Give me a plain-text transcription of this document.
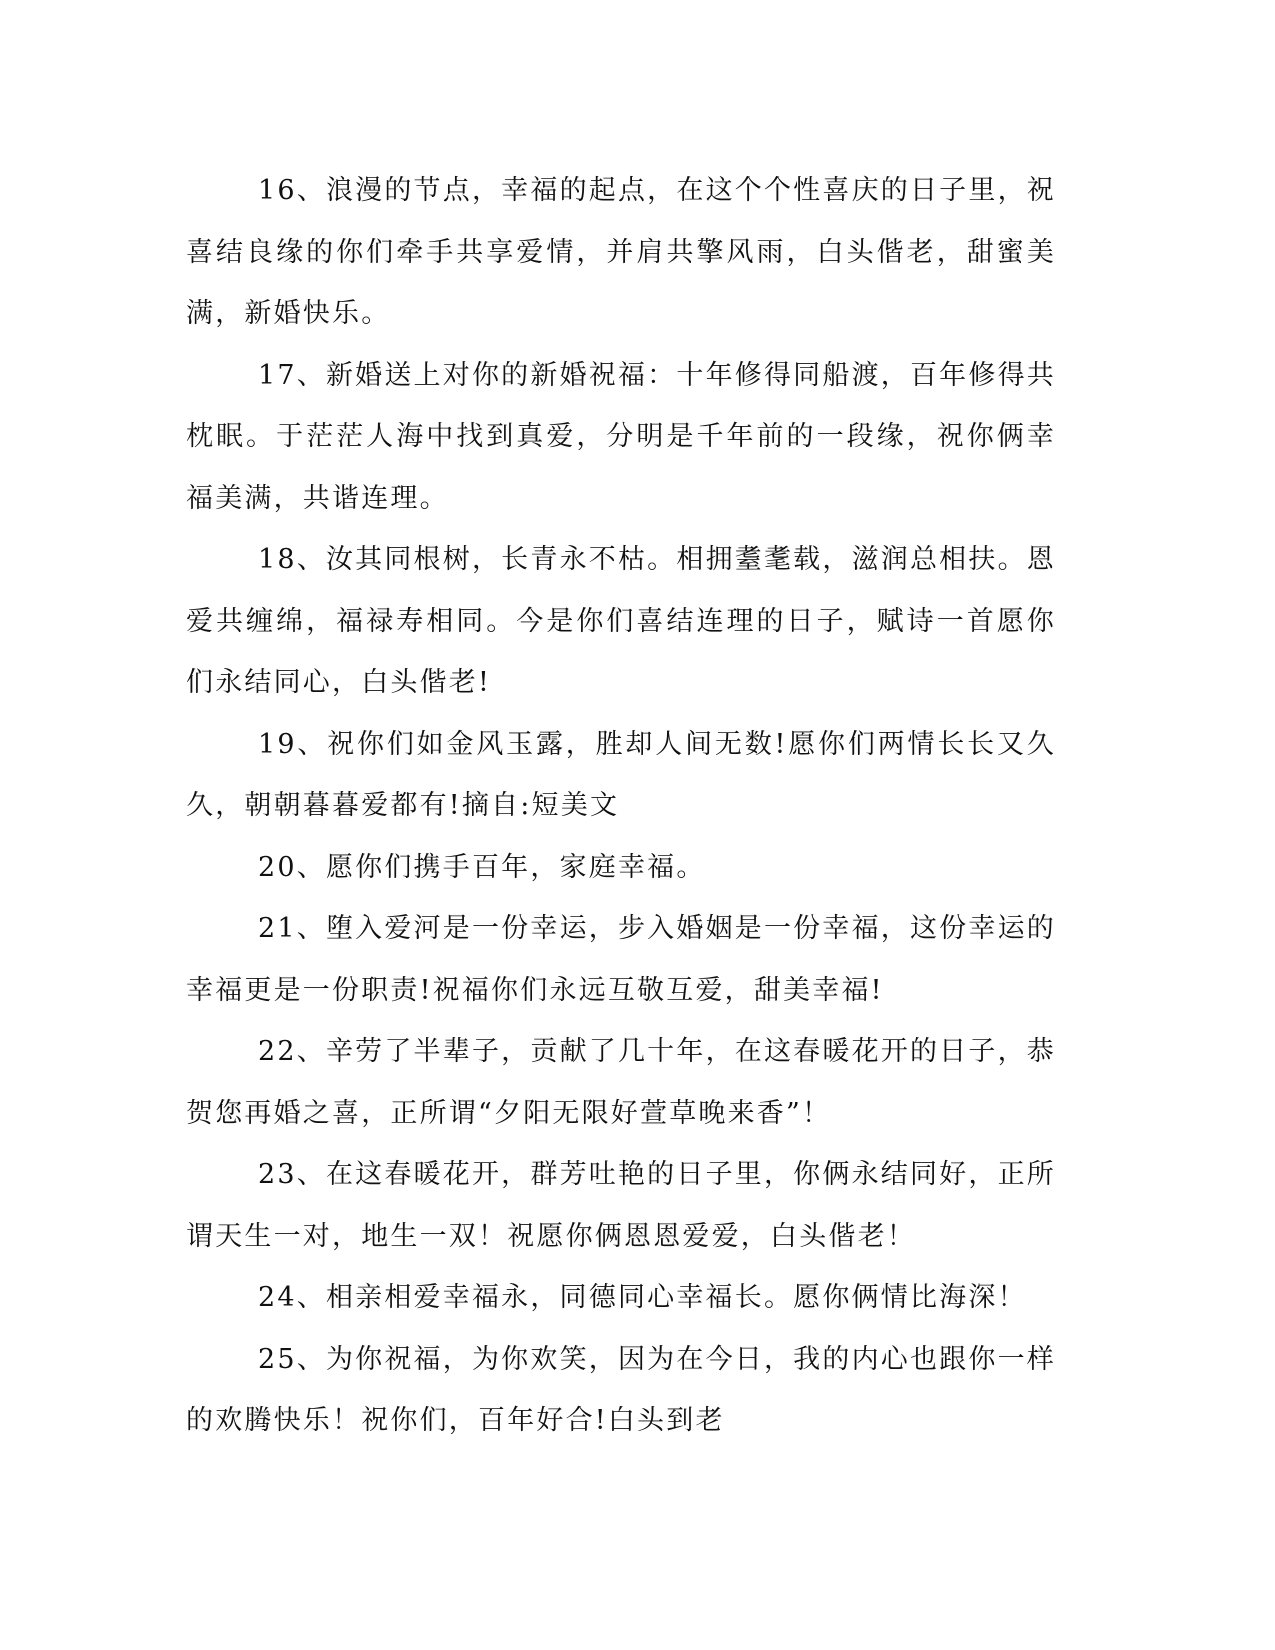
16、浪漫的节点，幸福的起点，在这个个性喜庆的日子里，祝喜结良缘的你们牵手共享爱情，并肩共擎风雨，白头偕老，甜蜜美满，新婚快乐。

17、新婚送上对你的新婚祝福：十年修得同船渡，百年修得共枕眠。于茫茫人海中找到真爱，分明是千年前的一段缘，祝你俩幸福美满，共谐连理。

18、汝其同根树，长青永不枯。相拥耋耄载，滋润总相扶。恩爱共缠绵，福禄寿相同。今是你们喜结连理的日子，赋诗一首愿你们永结同心，白头偕老!

19、祝你们如金风玉露，胜却人间无数!愿你们两情长长又久久，朝朝暮暮爱都有!摘自:短美文

20、愿你们携手百年，家庭幸福。

21、堕入爱河是一份幸运，步入婚姻是一份幸福，这份幸运的幸福更是一份职责!祝福你们永远互敬互爱，甜美幸福!

22、辛劳了半辈子，贡献了几十年，在这春暖花开的日子，恭贺您再婚之喜，正所谓“夕阳无限好萱草晚来香”！

23、在这春暖花开，群芳吐艳的日子里，你俩永结同好，正所谓天生一对，地生一双！祝愿你俩恩恩爱爱，白头偕老！

24、相亲相爱幸福永，同德同心幸福长。愿你俩情比海深！

25、为你祝福，为你欢笑，因为在今日，我的内心也跟你一样的欢腾快乐！祝你们，百年好合!白头到老
